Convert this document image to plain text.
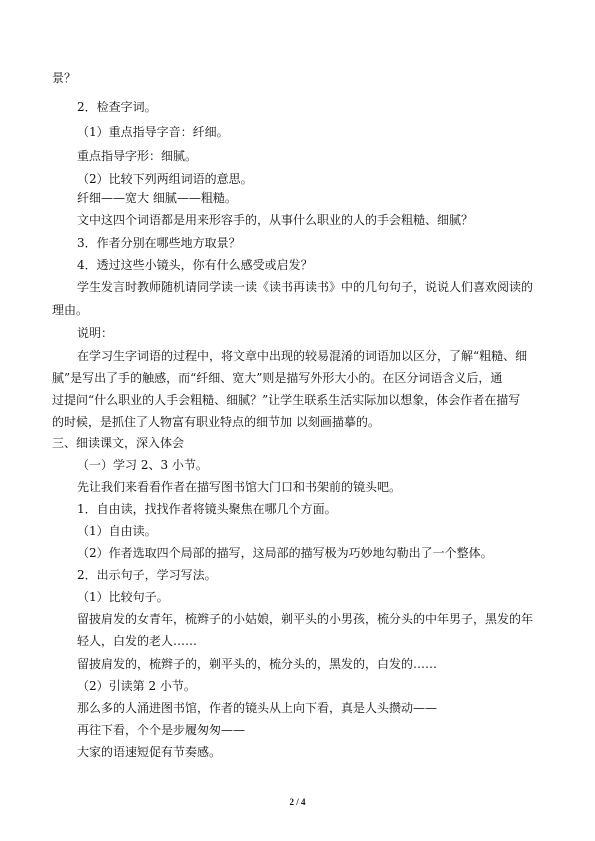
景？
2．检查字词。
（1）重点指导字音：纤细。
重点指导字形：细腻。
（2）比较下列两组词语的意思。
纤细——宽大 细腻——粗糙。
文中这四个词语都是用来形容手的，从事什么职业的人的手会粗糙、细腻？
3．作者分别在哪些地方取景？
4．透过这些小镜头，你有什么感受或启发？
学生发言时教师随机请同学读一读《读书再读书》中的几句句子，说说人们喜欢阅读的
理由。
说明：
在学习生字词语的过程中，将文章中出现的较易混淆的词语加以区分，了解“粗糙、细
腻”是写出了手的触感，而“纤细、宽大”则是描写外形大小的。在区分词语含义后，通
过提问“什么职业的人手会粗糙、细腻？”让学生联系生活实际加以想象，体会作者在描写
的时候，是抓住了人物富有职业特点的细节加 以刻画描摹的。
三、细读课文，深入体会
（一）学习 2、3 小节。
先让我们来看看作者在描写图书馆大门口和书架前的镜头吧。
1．自由读，找找作者将镜头聚焦在哪几个方面。
（1）自由读。
（2）作者选取四个局部的描写，这局部的描写极为巧妙地勾勒出了一个整体。
2．出示句子，学习写法。
（1）比较句子。
留披肩发的女青年，梳辫子的小姑娘，剃平头的小男孩，梳分头的中年男子，黑发的年
轻人，白发的老人……
留披肩发的，梳辫子的，剃平头的，梳分头的，黑发的，白发的……
（2）引读第 2 小节。
那么多的人涌进图书馆，作者的镜头从上向下看，真是人头攒动——
再往下看，个个是步履匆匆——
大家的语速短促有节奏感。
2 / 4
